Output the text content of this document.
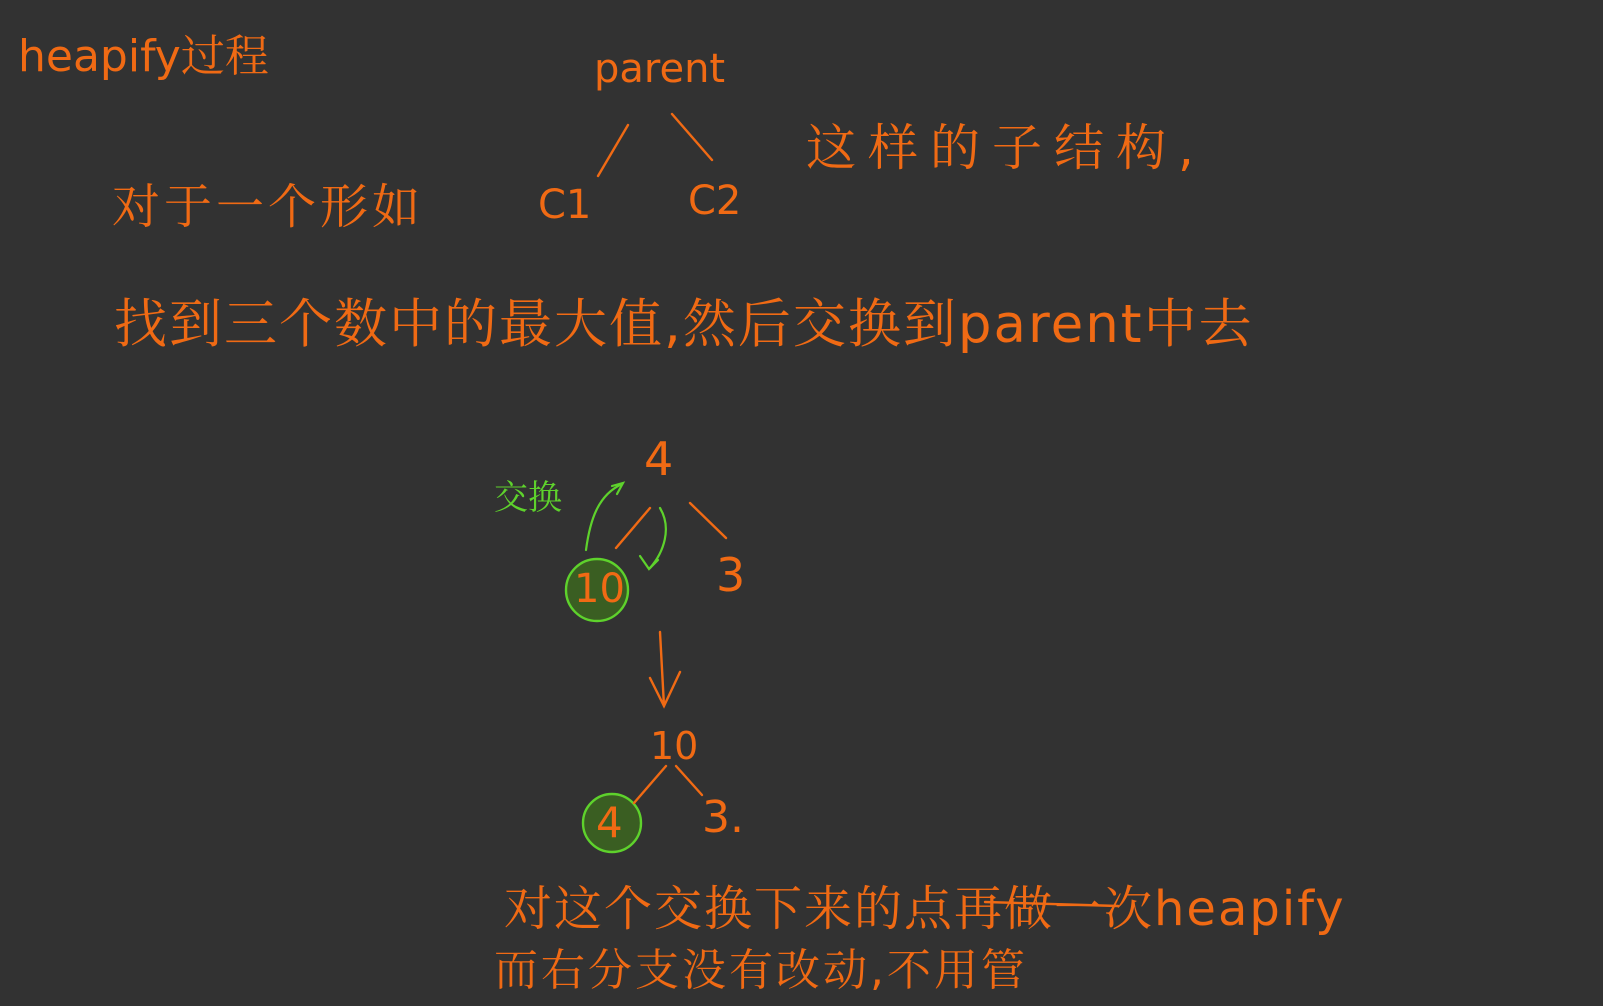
heapify过程	parent
这样的子结构,
对于一个形如	C1 C2
找到三个数中的最大值,然后交换到parent中去
交换
4
10 3
10
4 3.
对这个交换下来的点再做一次heapify
而右分支没有改动,不用管
